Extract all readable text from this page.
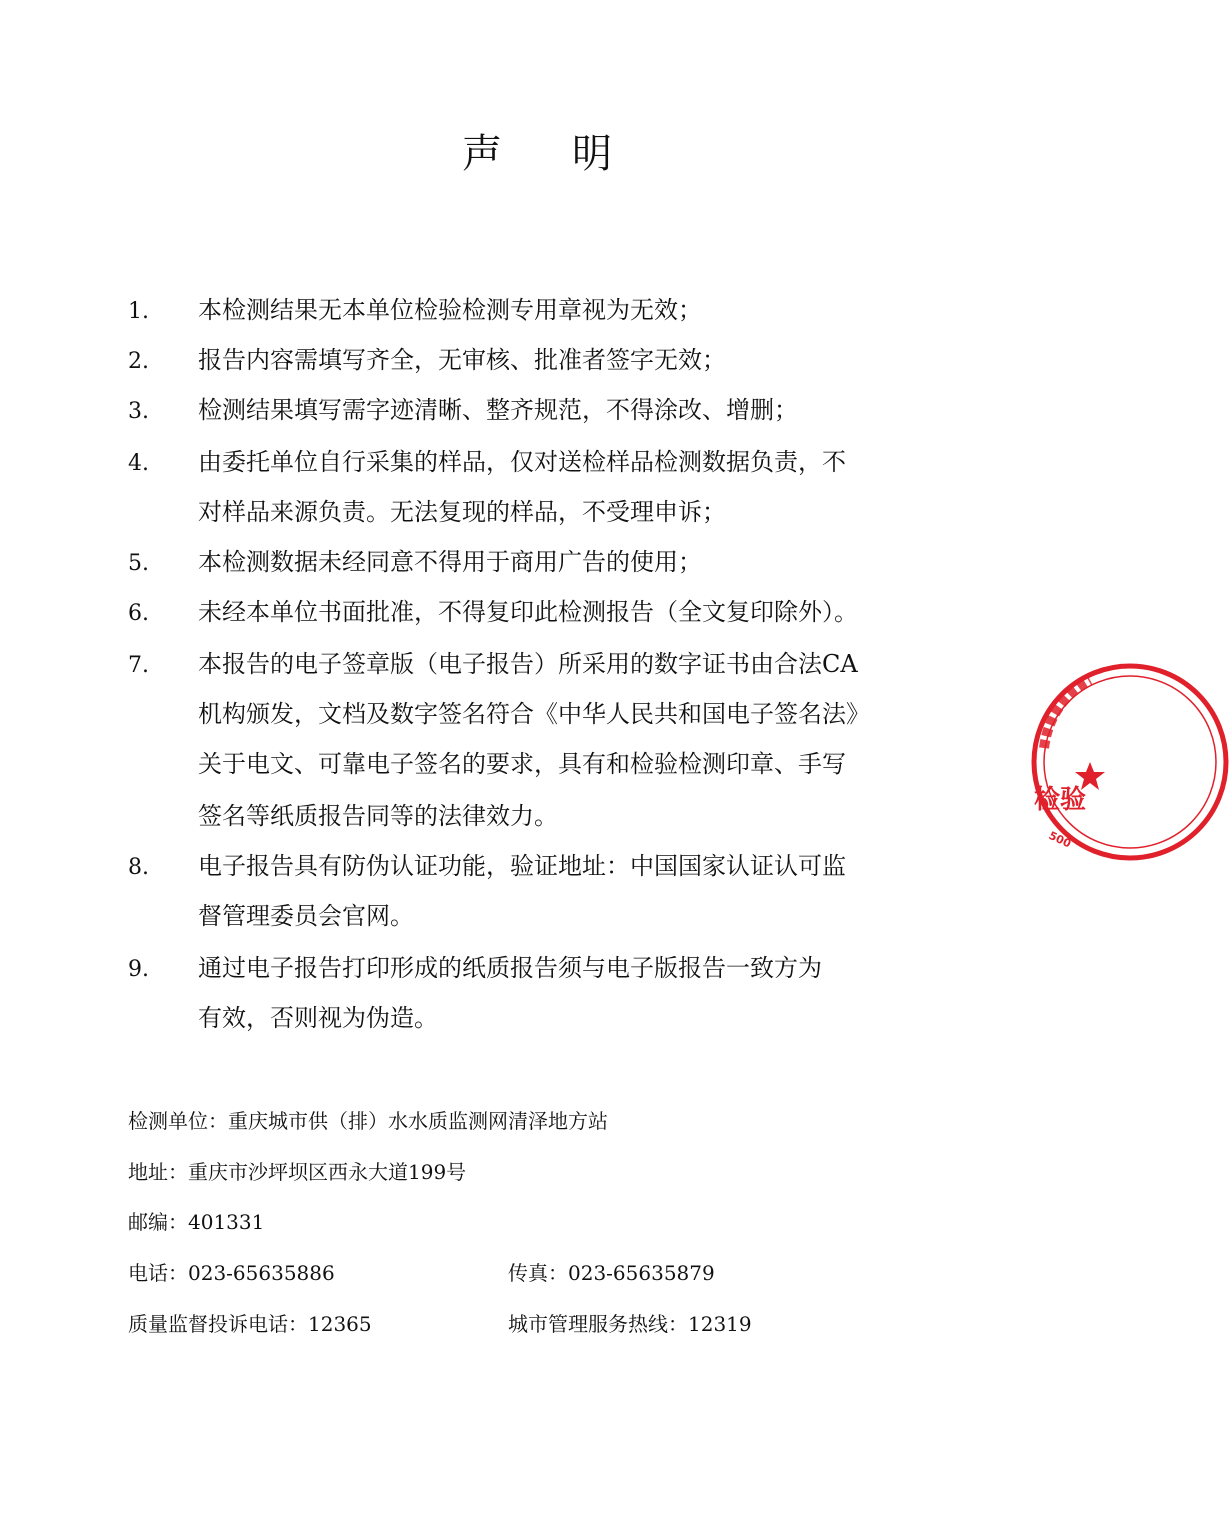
声明
1. 本检测结果无本单位检验检测专用章视为无效；
2. 报告内容需填写齐全，无审核、批准者签字无效；
3. 检测结果填写需字迹清晰、整齐规范，不得涂改、增删；
4. 由委托单位自行采集的样品，仅对送检样品检测数据负责，不
对样品来源负责。无法复现的样品，不受理申诉；
5. 本检测数据未经同意不得用于商用广告的使用；
6. 未经本单位书面批准，不得复印此检测报告（全文复印除外）。
7. 本报告的电子签章版（电子报告）所采用的数字证书由合法CA
机构颁发，文档及数字签名符合《中华人民共和国电子签名法》
关于电文、可靠电子签名的要求，具有和检验检测印章、手写
签名等纸质报告同等的法律效力。
8. 电子报告具有防伪认证功能，验证地址：中国国家认证认可监
督管理委员会官网。
9. 通过电子报告打印形成的纸质报告须与电子版报告一致方为
有效，否则视为伪造。
检测单位：重庆城市供（排）水水质监测网清泽地方站
地址：重庆市沙坪坝区西永大道199号
邮编：401331
电话：023-65635886	传真：023-65635879
质量监督投诉电话：12365	城市管理服务热线：12319
检验
500
